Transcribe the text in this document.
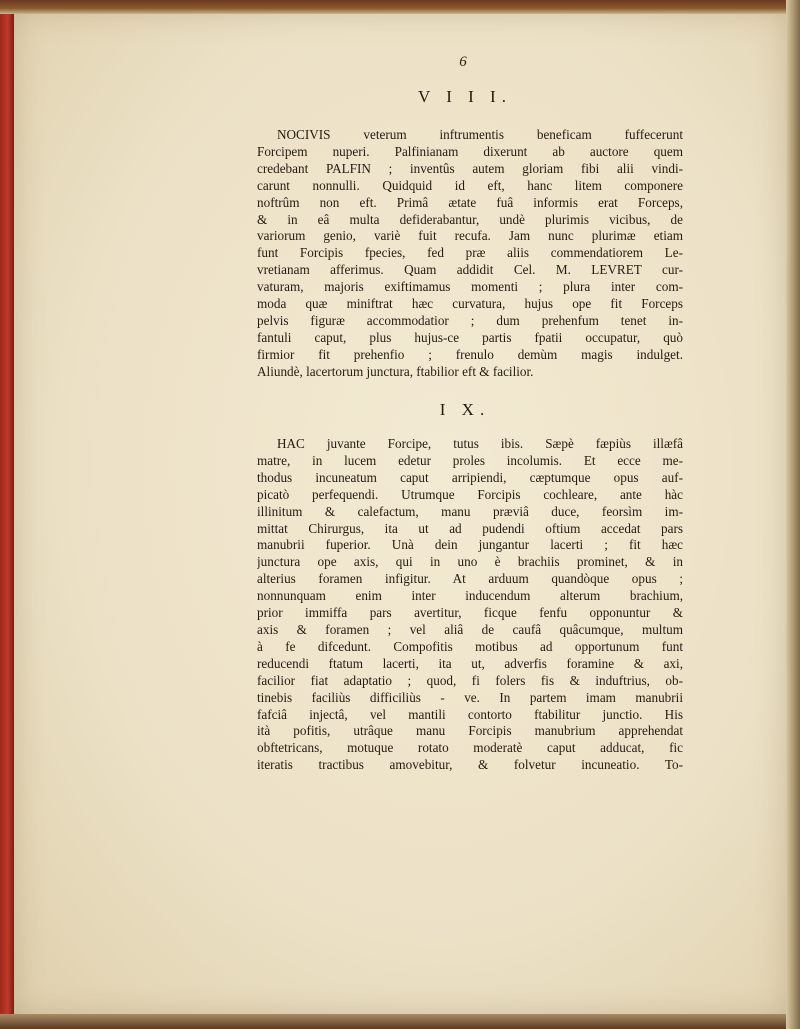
6
V I I I.
NOCIVIS veterum inftrumentis beneficam fuffecerunt
Forcipem nuperi. Palfinianam dixerunt ab auctore quem
credebant PALFIN ; inventûs autem gloriam fibi alii vindi-
carunt nonnulli. Quidquid id eft, hanc litem componere
noftrûm non eft. Primâ ætate fuâ informis erat Forceps,
& in eâ multa defiderabantur, undè plurimis vicibus, de
variorum genio, variè fuit recufa. Jam nunc plurimæ etiam
funt Forcipis fpecies, fed præ aliis commendatiorem Le-
vretianam afferimus. Quam addidit Cel. M. LEVRET cur-
vaturam, majoris exiftimamus momenti ; plura inter com-
moda quæ miniftrat hæc curvatura, hujus ope fit Forceps
pelvis figuræ accommodatior ; dum prehenfum tenet in-
fantuli caput, plus hujus-ce partis fpatii occupatur, quò
firmior fit prehenfio ; frenulo demùm magis indulget.
Aliundè, lacertorum junctura, ftabilior eft & facilior.
I X.
HAC juvante Forcipe, tutus ibis. Sæpè fæpiùs illæfâ
matre, in lucem edetur proles incolumis. Et ecce me-
thodus incuneatum caput arripiendi, cæptumque opus auf-
picatò perfequendi. Utrumque Forcipis cochleare, ante hàc
illinitum & calefactum, manu præviâ duce, feorsìm im-
mittat Chirurgus, ita ut ad pudendi oftium accedat pars
manubrii fuperior. Unà dein jungantur lacerti ; fit hæc
junctura ope axis, qui in uno è brachiis prominet, & in
alterius foramen infigitur. At arduum quandòque opus ;
nonnunquam enim inter inducendum alterum brachium,
prior immiffa pars avertitur, ficque fenfu opponuntur &
axis & foramen ; vel aliâ de caufâ quâcumque, multum
à fe difcedunt. Compofitis motibus ad opportunum funt
reducendi ftatum lacerti, ita ut, adverfis foramine & axi,
facilior fiat adaptatio ; quod, fi folers fis & induftrius, ob-
tinebis faciliùs difficiliùs - ve. In partem imam manubrii
fafciâ injectâ, vel mantili contorto ftabilitur junctio. His
ità pofitis, utrâque manu Forcipis manubrium apprehendat
obftetricans, motuque rotato moderatè caput adducat, fic
iteratis tractibus amovebitur, & folvetur incuneatio. To-
